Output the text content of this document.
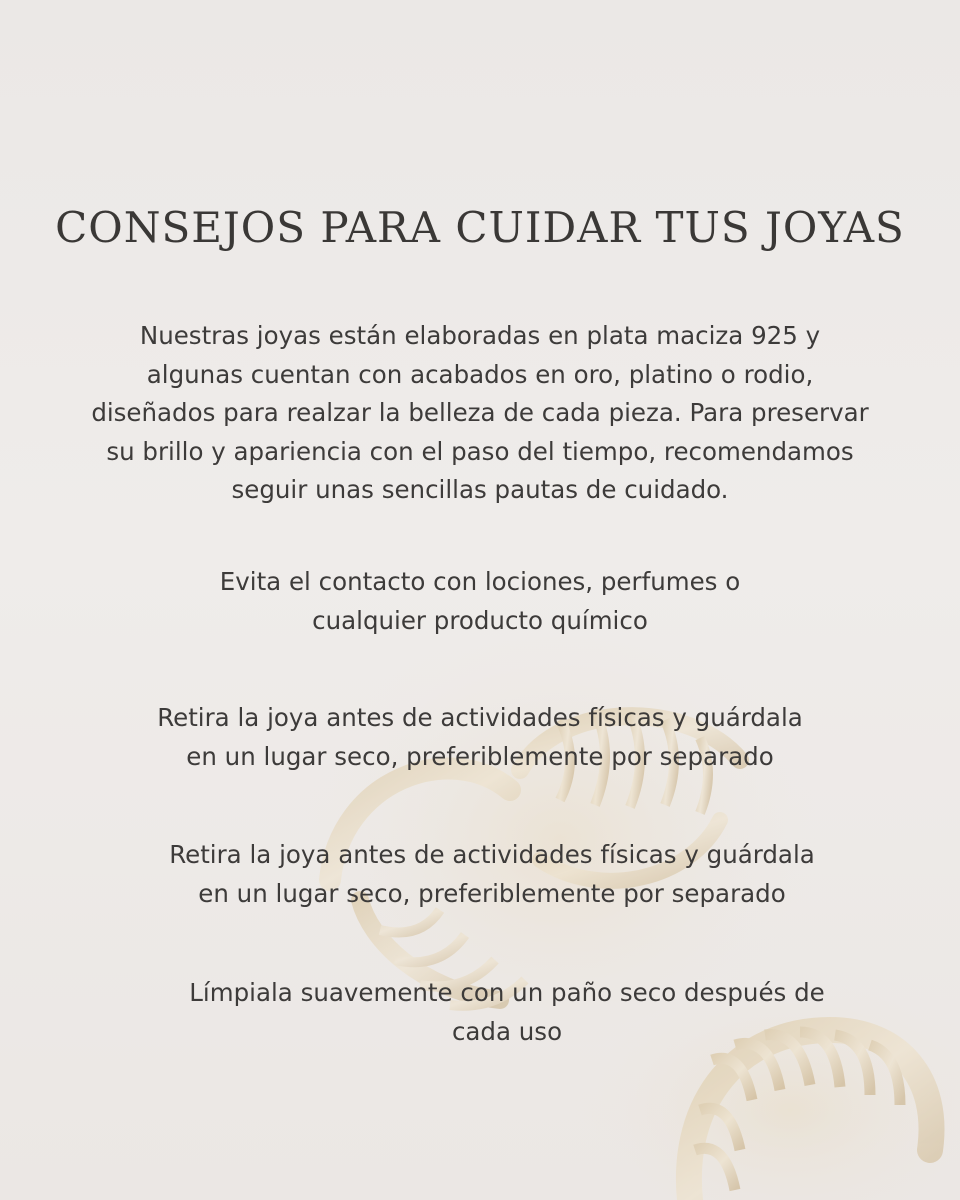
CONSEJOS PARA CUIDAR TUS JOYAS

Nuestras joyas están elaboradas en plata maciza 925 y
algunas cuentan con acabados en oro, platino o rodio,
diseñados para realzar la belleza de cada pieza. Para preservar
su brillo y apariencia con el paso del tiempo, recomendamos
seguir unas sencillas pautas de cuidado.

Evita el contacto con lociones, perfumes o
cualquier producto químico

Retira la joya antes de actividades físicas y guárdala
en un lugar seco, preferiblemente por separado

Retira la joya antes de actividades físicas y guárdala
en un lugar seco, preferiblemente por separado

Límpiala suavemente con un paño seco después de
cada uso
